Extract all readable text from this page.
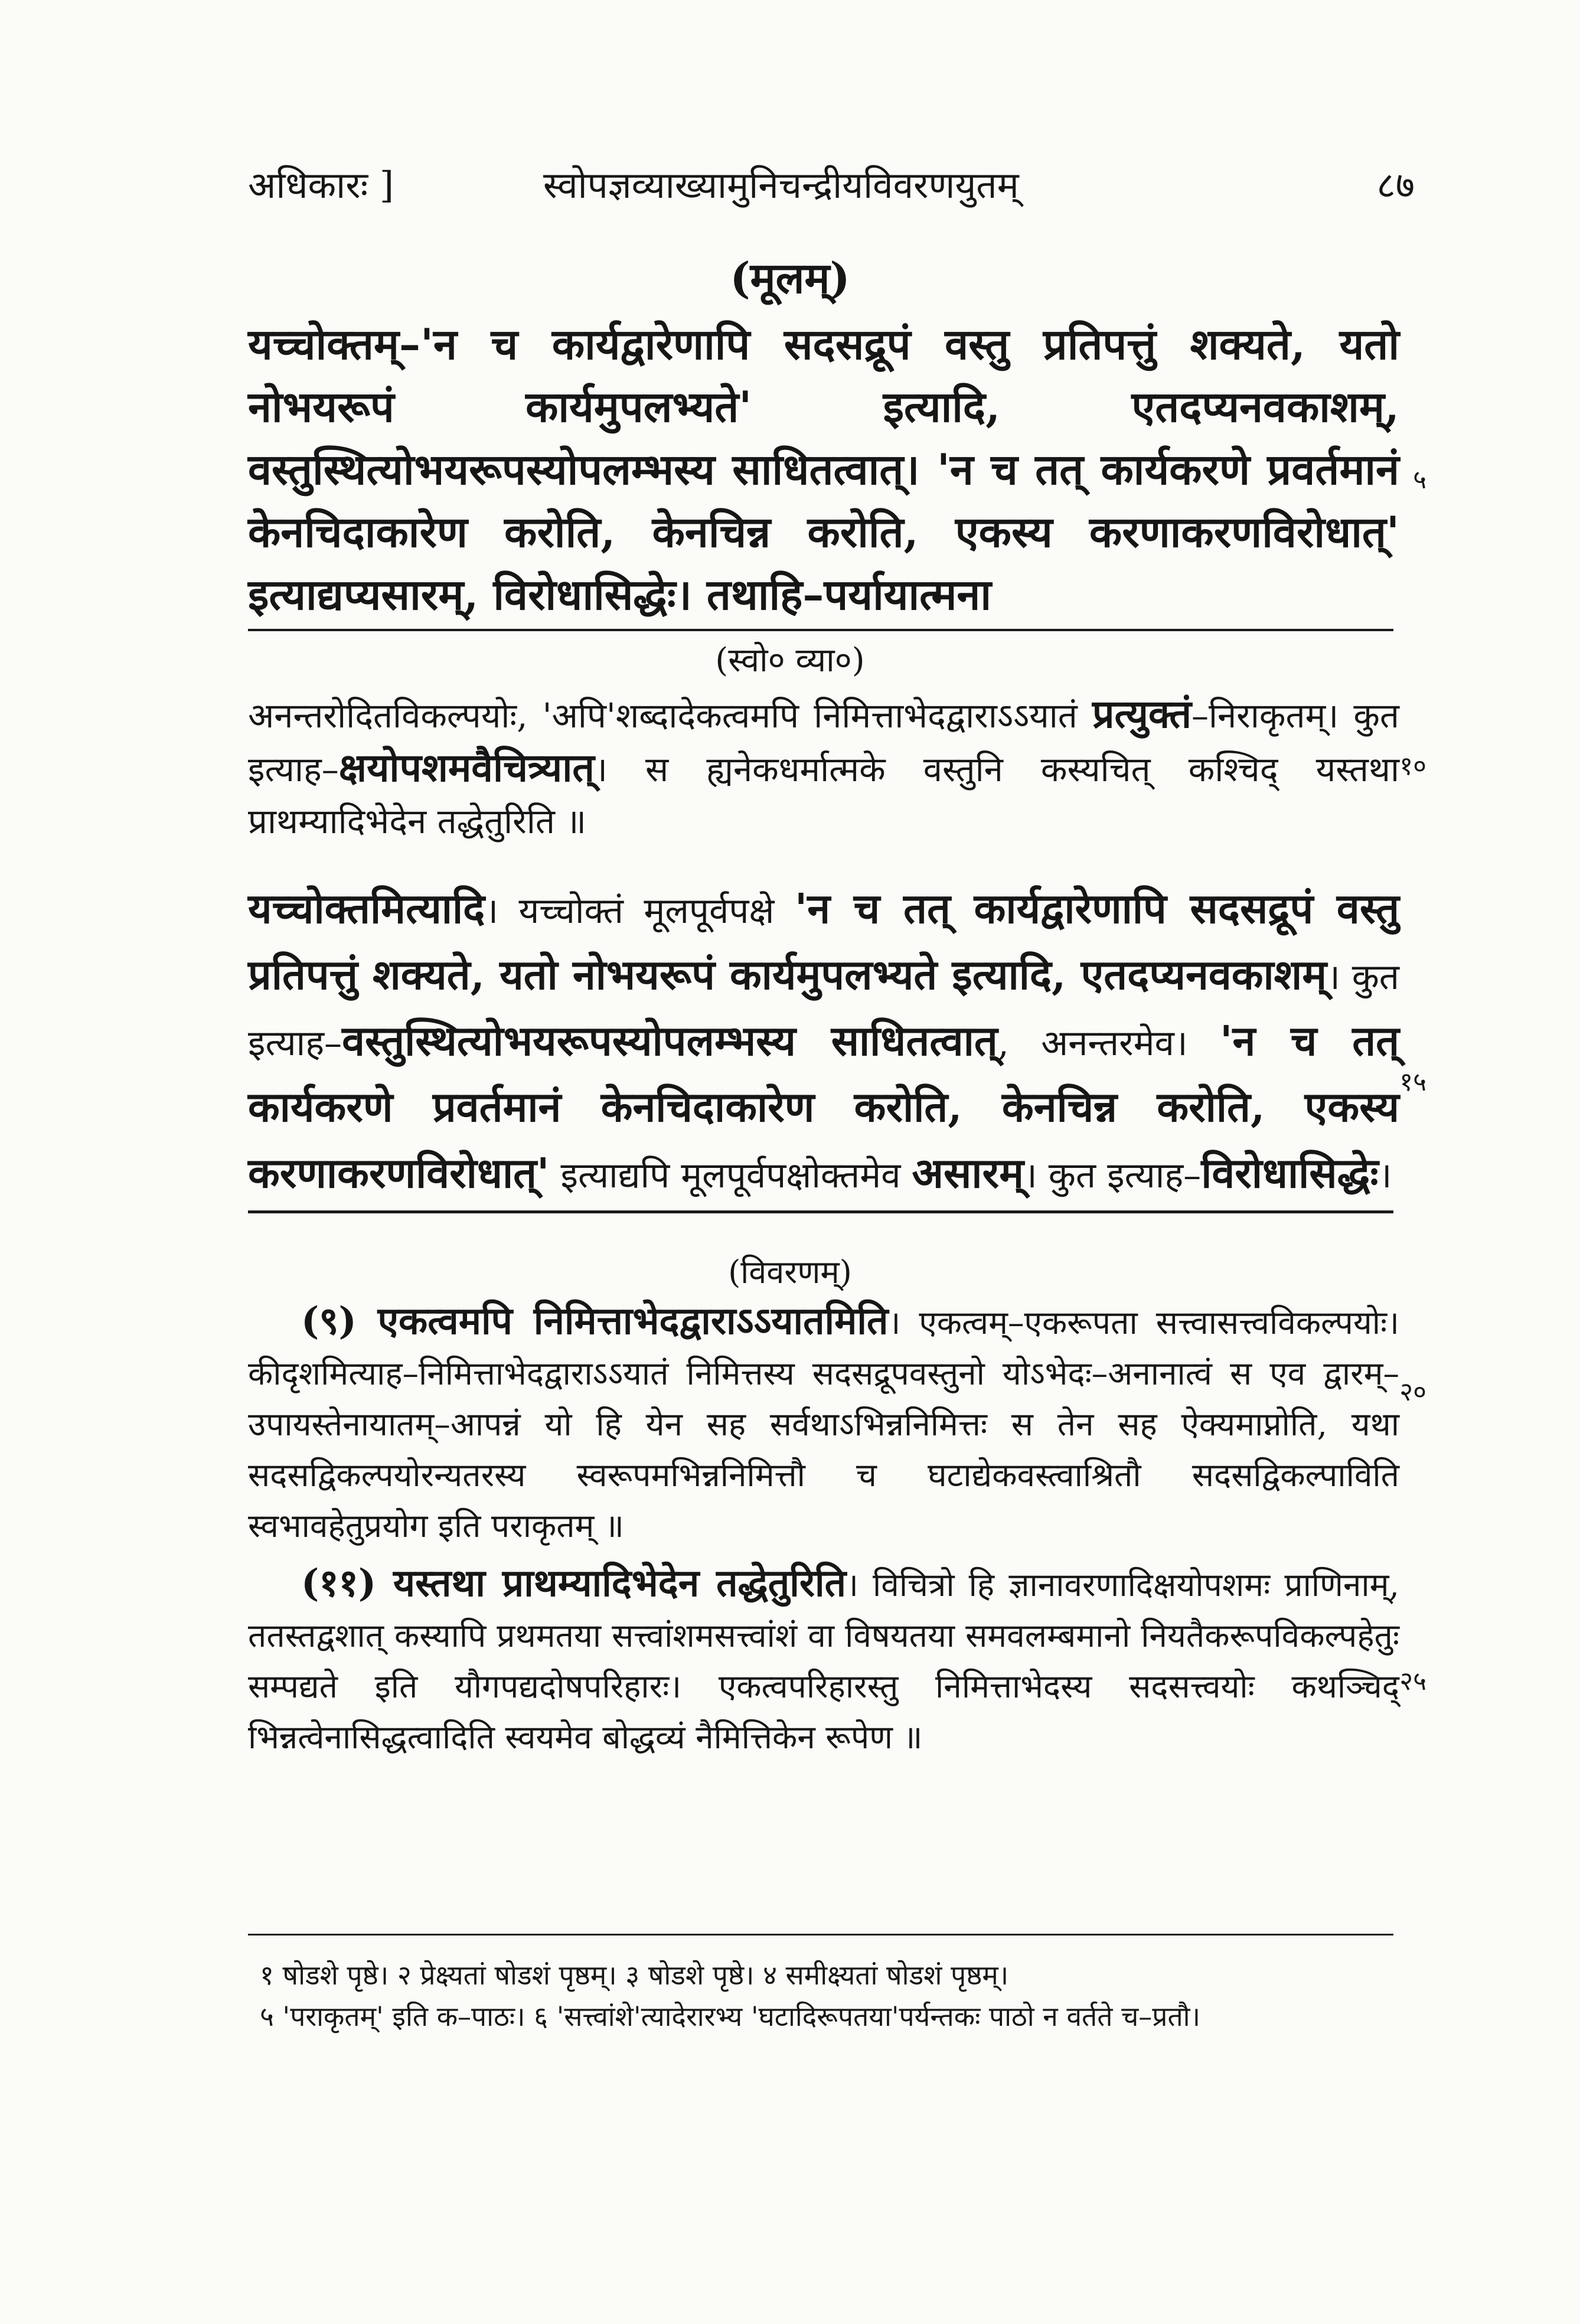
अधिकारः ]	स्वोपज्ञव्याख्यामुनिचन्द्रीयविवरणयुतम्	८७
(मूलम्)

यच्चोक्तम्–'न च कार्यद्वारेणापि सदसद्रूपं वस्तु प्रतिपत्तुं शक्यते, यतो नोभयरूपं कार्यमुपलभ्यते' इत्यादि, एतदप्यनवकाशम्, वस्तुस्थित्योभयरूपस्योपलम्भस्य साधितत्वात्। 'न च तत् कार्यकरणे प्रवर्तमानं केनचिदाकारेण करोति, केनचिन्न करोति, एकस्य करणाकरणविरोधात्' इत्याद्यप्यसारम्, विरोधासिद्धेः। तथाहि–पर्यायात्मना

(स्वो० व्या०)

अनन्तरोदितविकल्पयोः, 'अपि'शब्दादेकत्वमपि निमित्ताभेदद्वाराऽऽयातं प्रत्युक्तं–निराकृतम्। कुत इत्याह–क्षयोपशमवैचित्र्यात्। स ह्यनेकधर्मात्मके वस्तुनि कस्यचित् कश्चिद् यस्तथा प्राथम्यादिभेदेन तद्धेतुरिति ॥

यच्चोक्तमित्यादि। यच्चोक्तं मूलपूर्वपक्षे 'न च तत् कार्यद्वारेणापि सदसद्रूपं वस्तु प्रतिपत्तुं शक्यते, यतो नोभयरूपं कार्यमुपलभ्यते इत्यादि, एतदप्यनवकाशम्। कुत इत्याह–वस्तुस्थित्योभयरूपस्योपलम्भस्य साधितत्वात्, अनन्तरमेव। 'न च तत् कार्यकरणे प्रवर्तमानं केनचिदाकारेण करोति, केनचिन्न करोति, एकस्य करणाकरणविरोधात्' इत्याद्यपि मूलपूर्वपक्षोक्तमेव असारम्। कुत इत्याह–विरोधासिद्धेः।

(विवरणम्)

(९) एकत्वमपि निमित्ताभेदद्वाराऽऽयातमिति। एकत्वम्–एकरूपता सत्त्वासत्त्वविकल्पयोः। कीदृशमित्याह–निमित्ताभेदद्वाराऽऽयातं निमित्तस्य सदसद्रूपवस्तुनो योऽभेदः–अनानात्वं स एव द्वारम्–उपायस्तेनायातम्–आपन्नं यो हि येन सह सर्वथाऽभिन्ननिमित्तः स तेन सह ऐक्यमाप्नोति, यथा सदसद्विकल्पयोरन्यतरस्य स्वरूपमभिन्ननिमित्तौ च घटाद्येकवस्त्वाश्रितौ सदसद्विकल्पाविति स्वभावहेतुप्रयोग इति पराकृतम् ॥

(११) यस्तथा प्राथम्यादिभेदेन तद्धेतुरिति। विचित्रो हि ज्ञानावरणादिक्षयोपशमः प्राणिनाम्, ततस्तद्वशात् कस्यापि प्रथमतया सत्त्वांशमसत्त्वांशं वा विषयतया समवलम्बमानो नियतैकरूपविकल्पहेतुः सम्पद्यते इति यौगपद्यदोषपरिहारः। एकत्वपरिहारस्तु निमित्ताभेदस्य सदसत्त्वयोः कथञ्चिद् भिन्नत्वेनासिद्धत्वादिति स्वयमेव बोद्धव्यं नैमित्तिकेन रूपेण ॥

५
१०
१५
२०
२५

१ षोडशे पृष्ठे। २ प्रेक्ष्यतां षोडशं पृष्ठम्। ३ षोडशे पृष्ठे। ४ समीक्ष्यतां षोडशं पृष्ठम्।

५ 'पराकृतम्' इति क–पाठः। ६ 'सत्त्वांशे'त्यादेरारभ्य 'घटादिरूपतया'पर्यन्तकः पाठो न वर्तते च–प्रतौ।
